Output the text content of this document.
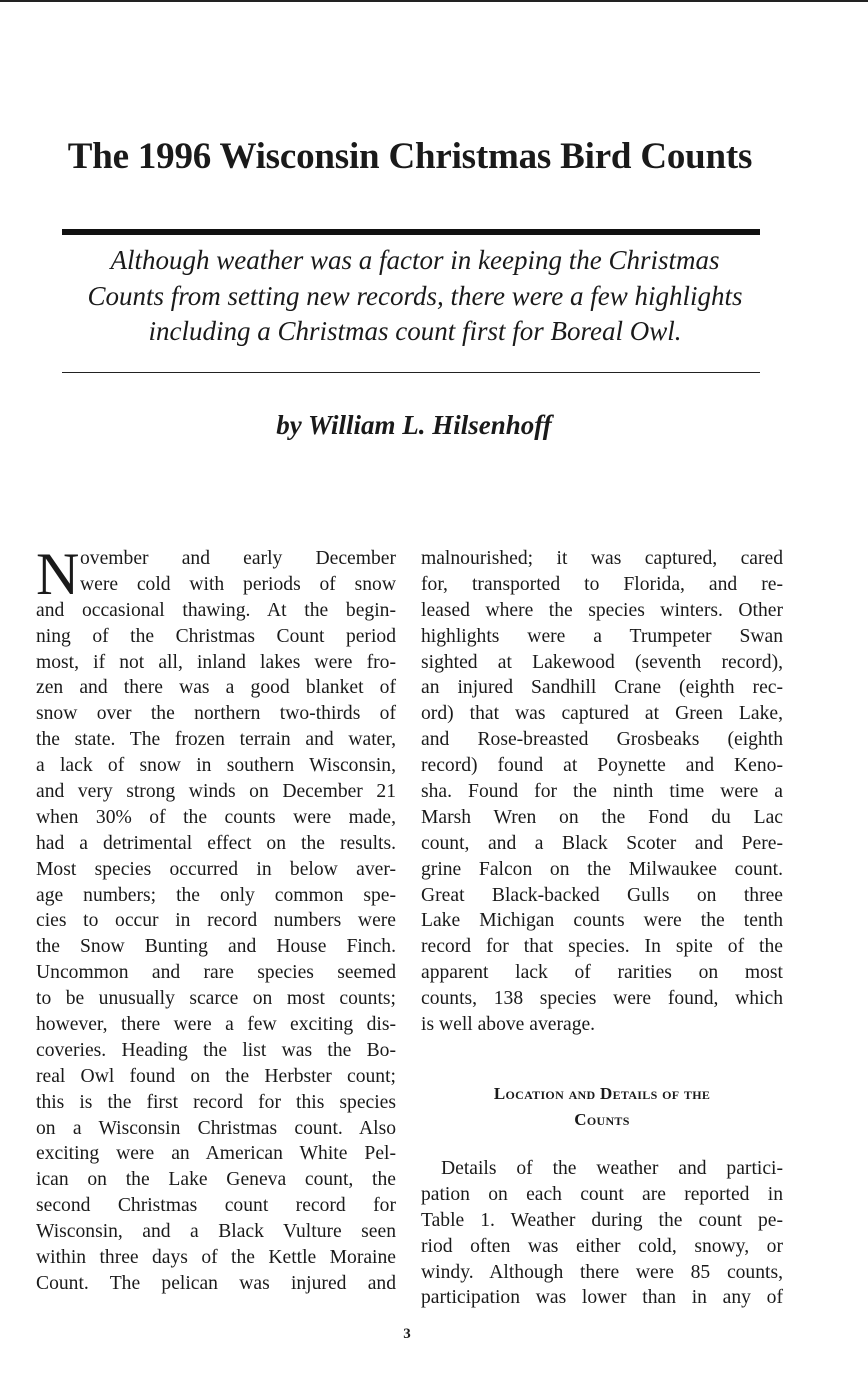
The 1996 Wisconsin Christmas Bird Counts

Although weather was a factor in keeping the Christmas
Counts from setting new records, there were a few highlights
including a Christmas count first for Boreal Owl.

by William L. Hilsenhoff

N ovember and early December
were cold with periods of snow
and occasional thawing. At the begin-
ning of the Christmas Count period
most, if not all, inland lakes were fro-
zen and there was a good blanket of
snow over the northern two-thirds of
the state. The frozen terrain and water,
a lack of snow in southern Wisconsin,
and very strong winds on December 21
when 30% of the counts were made,
had a detrimental effect on the results.
Most species occurred in below aver-
age numbers; the only common spe-
cies to occur in record numbers were
the Snow Bunting and House Finch.
Uncommon and rare species seemed
to be unusually scarce on most counts;
however, there were a few exciting dis-
coveries. Heading the list was the Bo-
real Owl found on the Herbster count;
this is the first record for this species
on a Wisconsin Christmas count. Also
exciting were an American White Pel-
ican on the Lake Geneva count, the
second Christmas count record for
Wisconsin, and a Black Vulture seen
within three days of the Kettle Moraine
Count. The pelican was injured and
malnourished; it was captured, cared
for, transported to Florida, and re-
leased where the species winters. Other
highlights were a Trumpeter Swan
sighted at Lakewood (seventh record),
an injured Sandhill Crane (eighth rec-
ord) that was captured at Green Lake,
and Rose-breasted Grosbeaks (eighth
record) found at Poynette and Keno-
sha. Found for the ninth time were a
Marsh Wren on the Fond du Lac
count, and a Black Scoter and Pere-
grine Falcon on the Milwaukee count.
Great Black-backed Gulls on three
Lake Michigan counts were the tenth
record for that species. In spite of the
apparent lack of rarities on most
counts, 138 species were found, which
is well above average.
Location and Details of the
Counts
Details of the weather and partici-
pation on each count are reported in
Table 1. Weather during the count pe-
riod often was either cold, snowy, or
windy. Although there were 85 counts,
participation was lower than in any of
3
